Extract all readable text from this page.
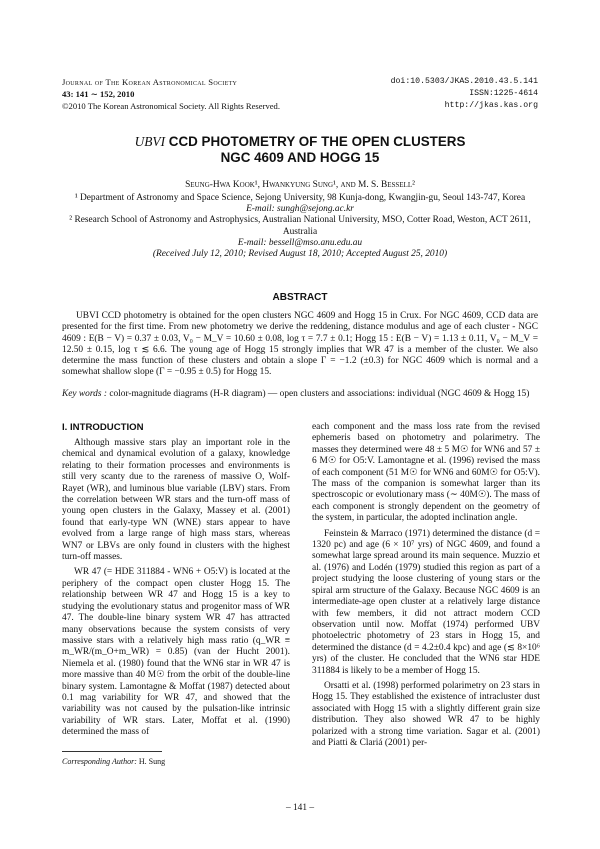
Journal of The Korean Astronomical Society
43: 141 ∼ 152, 2010
©2010 The Korean Astronomical Society. All Rights Reserved.
doi:10.5303/JKAS.2010.43.5.141
ISSN:1225-4614
http://jkas.kas.org
UBVI CCD PHOTOMETRY OF THE OPEN CLUSTERS
NGC 4609 AND HOGG 15
Seung-Hwa Kook¹, Hwankyung Sung¹, and M. S. Bessell²
¹ Department of Astronomy and Space Science, Sejong University, 98 Kunja-dong, Kwangjin-gu, Seoul 143-747, Korea
E-mail: sungh@sejong.ac.kr
² Research School of Astronomy and Astrophysics, Australian National University, MSO, Cotter Road, Weston, ACT 2611, Australia
E-mail: bessell@mso.anu.edu.au
(Received July 12, 2010; Revised August 18, 2010; Accepted August 25, 2010)
ABSTRACT
UBVI CCD photometry is obtained for the open clusters NGC 4609 and Hogg 15 in Crux. For NGC 4609, CCD data are presented for the first time. From new photometry we derive the reddening, distance modulus and age of each cluster - NGC 4609 : E(B − V) = 0.37 ± 0.03, V₀ − M_V = 10.60 ± 0.08, log τ = 7.7 ± 0.1; Hogg 15 : E(B − V) = 1.13 ± 0.11, V₀ − M_V = 12.50 ± 0.15, log τ ≲ 6.6. The young age of Hogg 15 strongly implies that WR 47 is a member of the cluster. We also determine the mass function of these clusters and obtain a slope Γ = −1.2 (±0.3) for NGC 4609 which is normal and a somewhat shallow slope (Γ = −0.95 ± 0.5) for Hogg 15.
Key words : color-magnitude diagrams (H-R diagram) — open clusters and associations: individual (NGC 4609 & Hogg 15)
I. INTRODUCTION

Although massive stars play an important role in the chemical and dynamical evolution of a galaxy, knowledge relating to their formation processes and environments is still very scanty due to the rareness of massive O, Wolf-Rayet (WR), and luminous blue variable (LBV) stars. From the correlation between WR stars and the turn-off mass of young open clusters in the Galaxy, Massey et al. (2001) found that early-type WN (WNE) stars appear to have evolved from a large range of high mass stars, whereas WN7 or LBVs are only found in clusters with the highest turn-off masses.

WR 47 (= HDE 311884 - WN6 + O5:V) is located at the periphery of the compact open cluster Hogg 15. The relationship between WR 47 and Hogg 15 is a key to studying the evolutionary status and progenitor mass of WR 47. The double-line binary system WR 47 has attracted many observations because the system consists of very massive stars with a relatively high mass ratio (q_WR ≡ m_WR/(m_O+m_WR) = 0.85) (van der Hucht 2001). Niemela et al. (1980) found that the WN6 star in WR 47 is more massive than 40 M☉ from the orbit of the double-line binary system. Lamontagne & Moffat (1987) detected about 0.1 mag variability for WR 47, and showed that the variability was not caused by the pulsation-like intrinsic variability of WR stars. Later, Moffat et al. (1990) determined the mass of

each component and the mass loss rate from the revised ephemeris based on photometry and polarimetry. The masses they determined were 48 ± 5 M☉ for WN6 and 57 ± 6 M☉ for O5:V. Lamontagne et al. (1996) revised the mass of each component (51 M☉ for WN6 and 60M☉ for O5:V). The mass of the companion is somewhat larger than its spectroscopic or evolutionary mass (∼ 40M☉). The mass of each component is strongly dependent on the geometry of the system, in particular, the adopted inclination angle.

Feinstein & Marraco (1971) determined the distance (d = 1320 pc) and age (6 × 10⁷ yrs) of NGC 4609, and found a somewhat large spread around its main sequence. Muzzio et al. (1976) and Lodén (1979) studied this region as part of a project studying the loose clustering of young stars or the spiral arm structure of the Galaxy. Because NGC 4609 is an intermediate-age open cluster at a relatively large distance with few members, it did not attract modern CCD observation until now. Moffat (1974) performed UBV photoelectric photometry of 23 stars in Hogg 15, and determined the distance (d = 4.2±0.4 kpc) and age (≲ 8×10⁶ yrs) of the cluster. He concluded that the WN6 star HDE 311884 is likely to be a member of Hogg 15.

Orsatti et al. (1998) performed polarimetry on 23 stars in Hogg 15. They established the existence of intracluster dust associated with Hogg 15 with a slightly different grain size distribution. They also showed WR 47 to be highly polarized with a strong time variation. Sagar et al. (2001) and Piatti & Clariá (2001) per-

Corresponding Author: H. Sung
– 141 –
